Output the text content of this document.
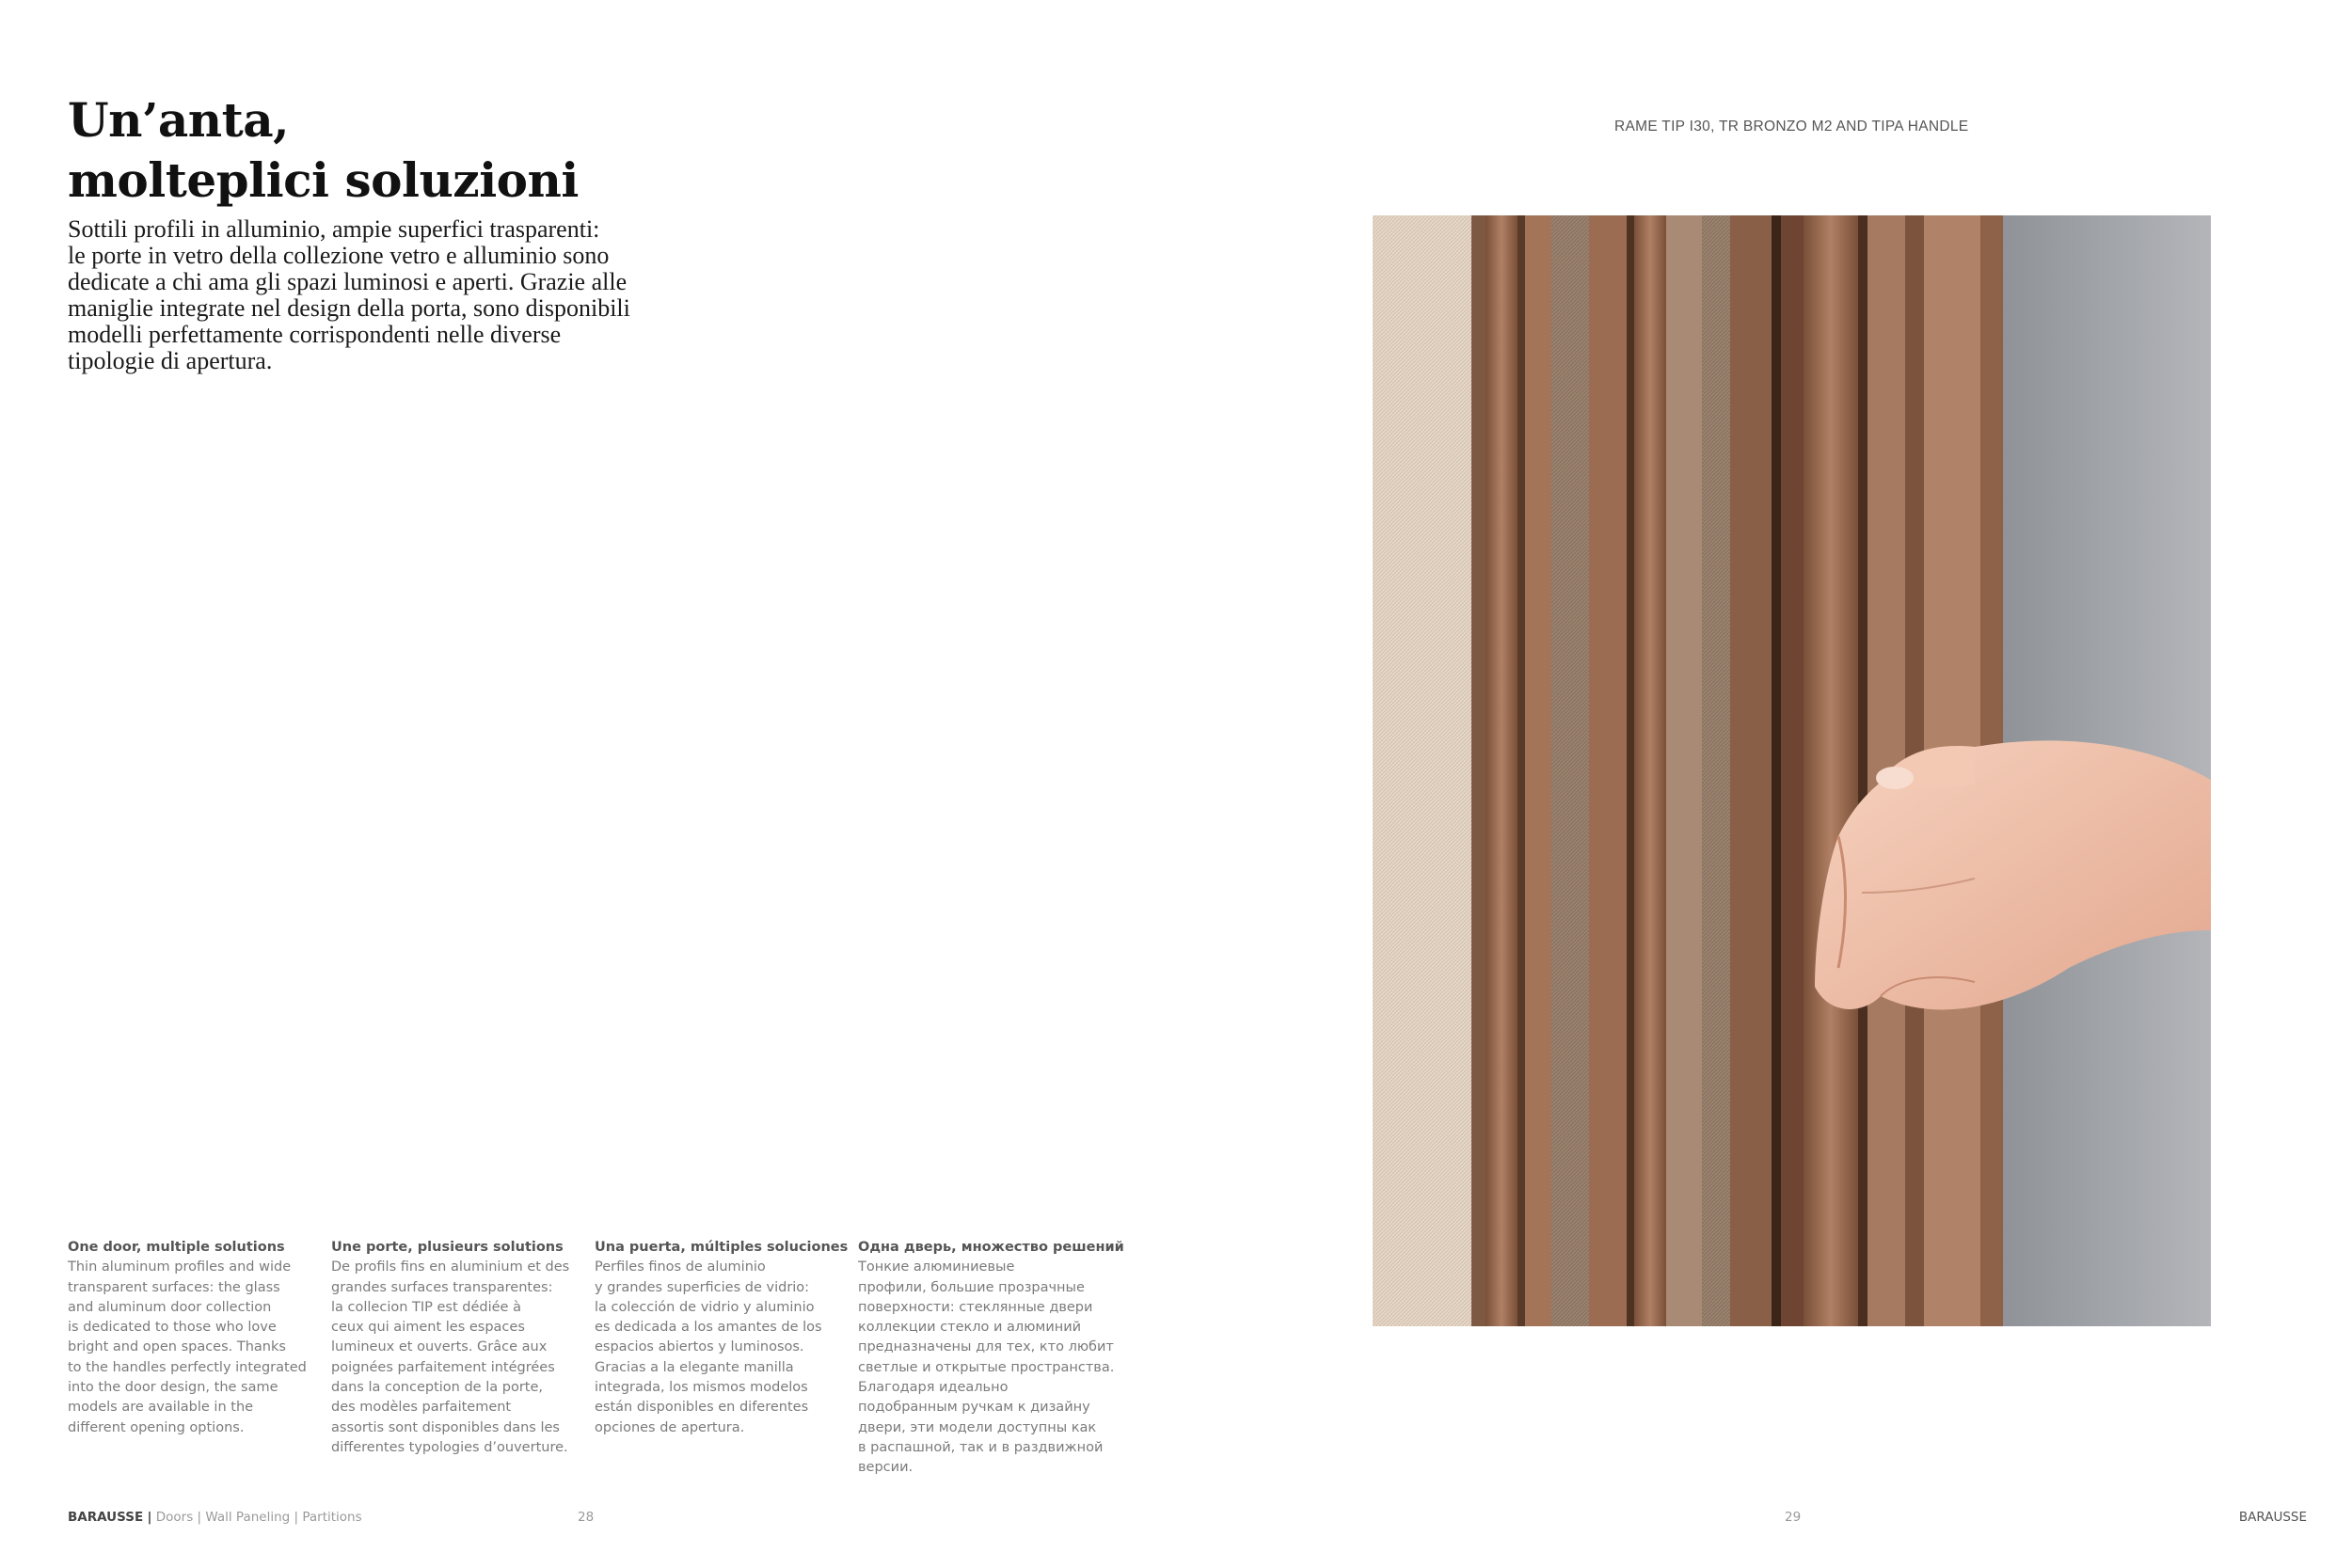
Un’anta,
molteplici soluzioni

Sottili profili in alluminio, ampie superfici trasparenti:
le porte in vetro della collezione vetro e alluminio sono
dedicate a chi ama gli spazi luminosi e aperti. Grazie alle
maniglie integrate nel design della porta, sono disponibili
modelli perfettamente corrispondenti nelle diverse
tipologie di apertura.

One door, multiple solutions
Thin aluminum profiles and wide
transparent surfaces: the glass
and aluminum door collection
is dedicated to those who love
bright and open spaces. Thanks
to the handles perfectly integrated
into the door design, the same
models are available in the
different opening options.
Une porte, plusieurs solutions
De profils fins en aluminium et des
grandes surfaces transparentes:
la collecion TIP est dédiée à
ceux qui aiment les espaces
lumineux et ouverts. Grâce aux
poignées parfaitement intégrées
dans la conception de la porte,
des modèles parfaitement
assortis sont disponibles dans les
differentes typologies d’ouverture.
Una puerta, múltiples soluciones
Perfiles finos de aluminio
y grandes superficies de vidrio:
la colección de vidrio y aluminio
es dedicada a los amantes de los
espacios abiertos y luminosos.
Gracias a la elegante manilla
integrada, los mismos modelos
están disponibles en diferentes
opciones de apertura.
Одна дверь, множество решений
Тонкие алюминиевые
профили, большие прозрачные
поверхности: стеклянные двери
коллекции стекло и алюминий
предназначены для тех, кто любит
светлые и открытые пространства.
Благодаря идеально
подобранным ручкам к дизайну
двери, эти модели доступны как
в распашной, так и в раздвижной
версии.
RAME TIP I30, TR BRONZO M2 AND TIPA HANDLE
BARAUSSE | Doors | Wall Paneling | Partitions	28	29	BARAUSSE
